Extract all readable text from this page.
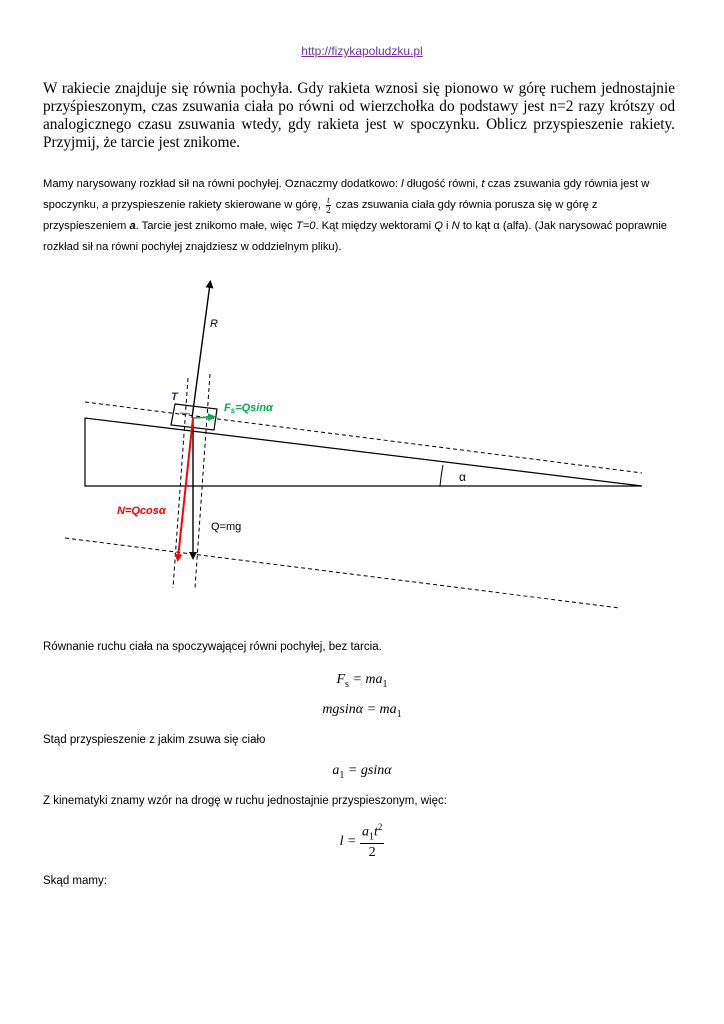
http://fizykapoludzku.pl
W rakiecie znajduje się równia pochyła. Gdy rakieta wznosi się pionowo w górę ruchem jednostajnie przyśpieszonym, czas zsuwania ciała po równi od wierzchołka do podstawy jest n=2 razy krótszy od analogicznego czasu zsuwania wtedy, gdy rakieta jest w spoczynku. Oblicz przyspieszenie rakiety. Przyjmij, że tarcie jest znikome.
Mamy narysowany rozkład sił na równi pochyłej. Oznaczmy dodatkowo: l długość równi, t czas zsuwania gdy równia jest w spoczynku, a przyspieszenie rakiety skierowane w górę, $\frac{t}{2}$ czas zsuwania ciała gdy równia porusza się w górę z przyspieszeniem a. Tarcie jest znikomo małe, więc T=0. Kąt między wektorami Q i N to kąt α (alfa). (Jak narysować poprawnie rozkład sił na równi pochyłej znajdziesz w oddzielnym pliku).
R
T
Fs=Qsinα
N=Qcosα
Q=mg
α
Równanie ruchu ciała na spoczywającej równi pochyłej, bez tarcia.
$F_s = ma_1$
$mgsin\alpha = ma_1$
Stąd przyspieszenie z jakim zsuwa się ciało
$a_1 = gsin\alpha$
Z kinematyki znamy wzór na drogę w ruchu jednostajnie przyspieszonym, więc:
$l = \frac{a_1t^2}{2}$
Skąd mamy:
